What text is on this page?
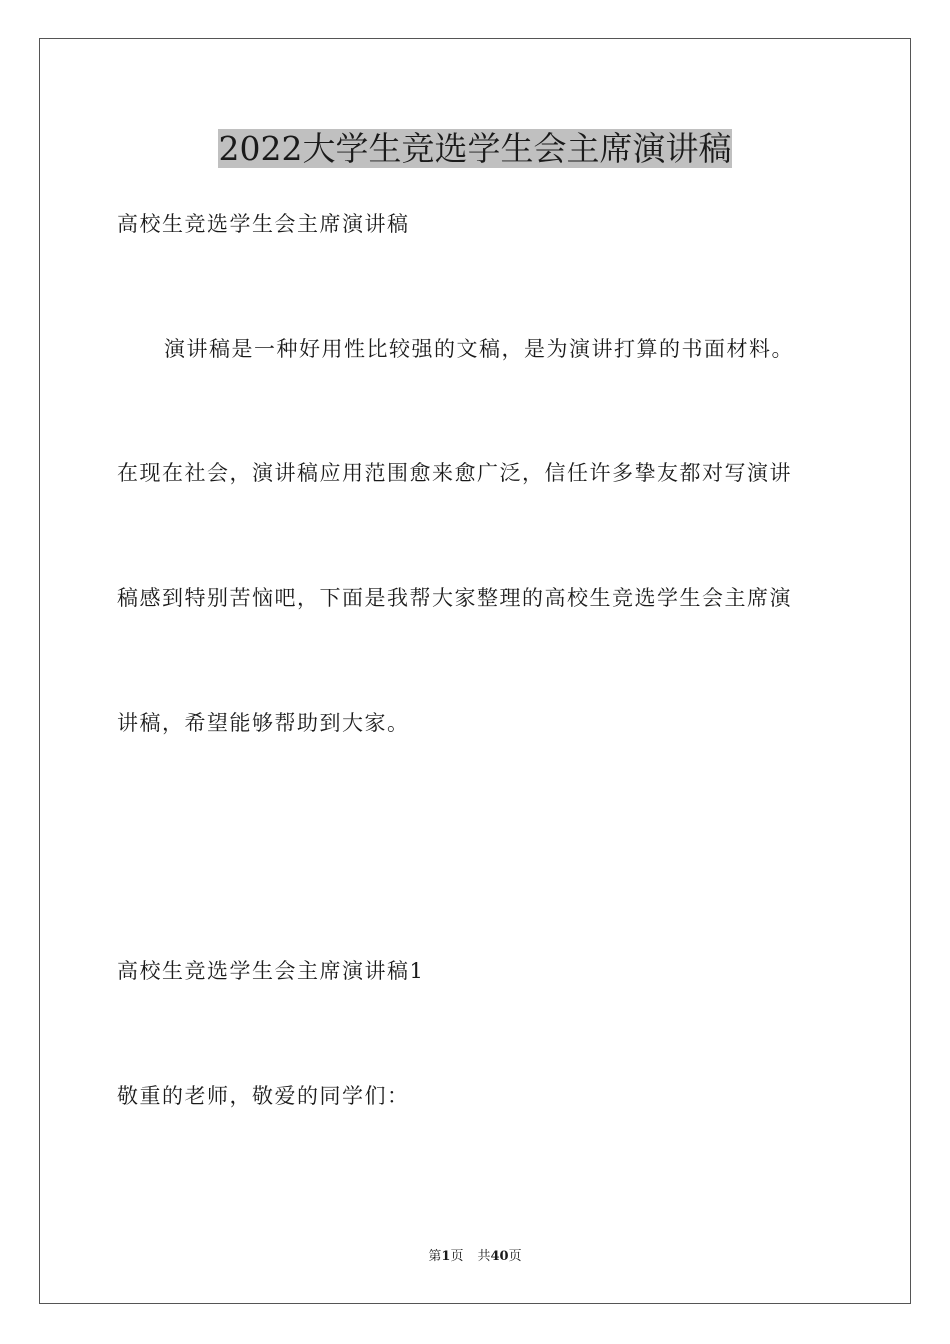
2022大学生竞选学生会主席演讲稿

高校生竞选学生会主席演讲稿

演讲稿是一种好用性比较强的文稿，是为演讲打算的书面材料。

在现在社会，演讲稿应用范围愈来愈广泛，信任许多挚友都对写演讲

稿感到特别苦恼吧，下面是我帮大家整理的高校生竞选学生会主席演

讲稿，希望能够帮助到大家。

高校生竞选学生会主席演讲稿1

敬重的老师，敬爱的同学们：

第1页 共40页
